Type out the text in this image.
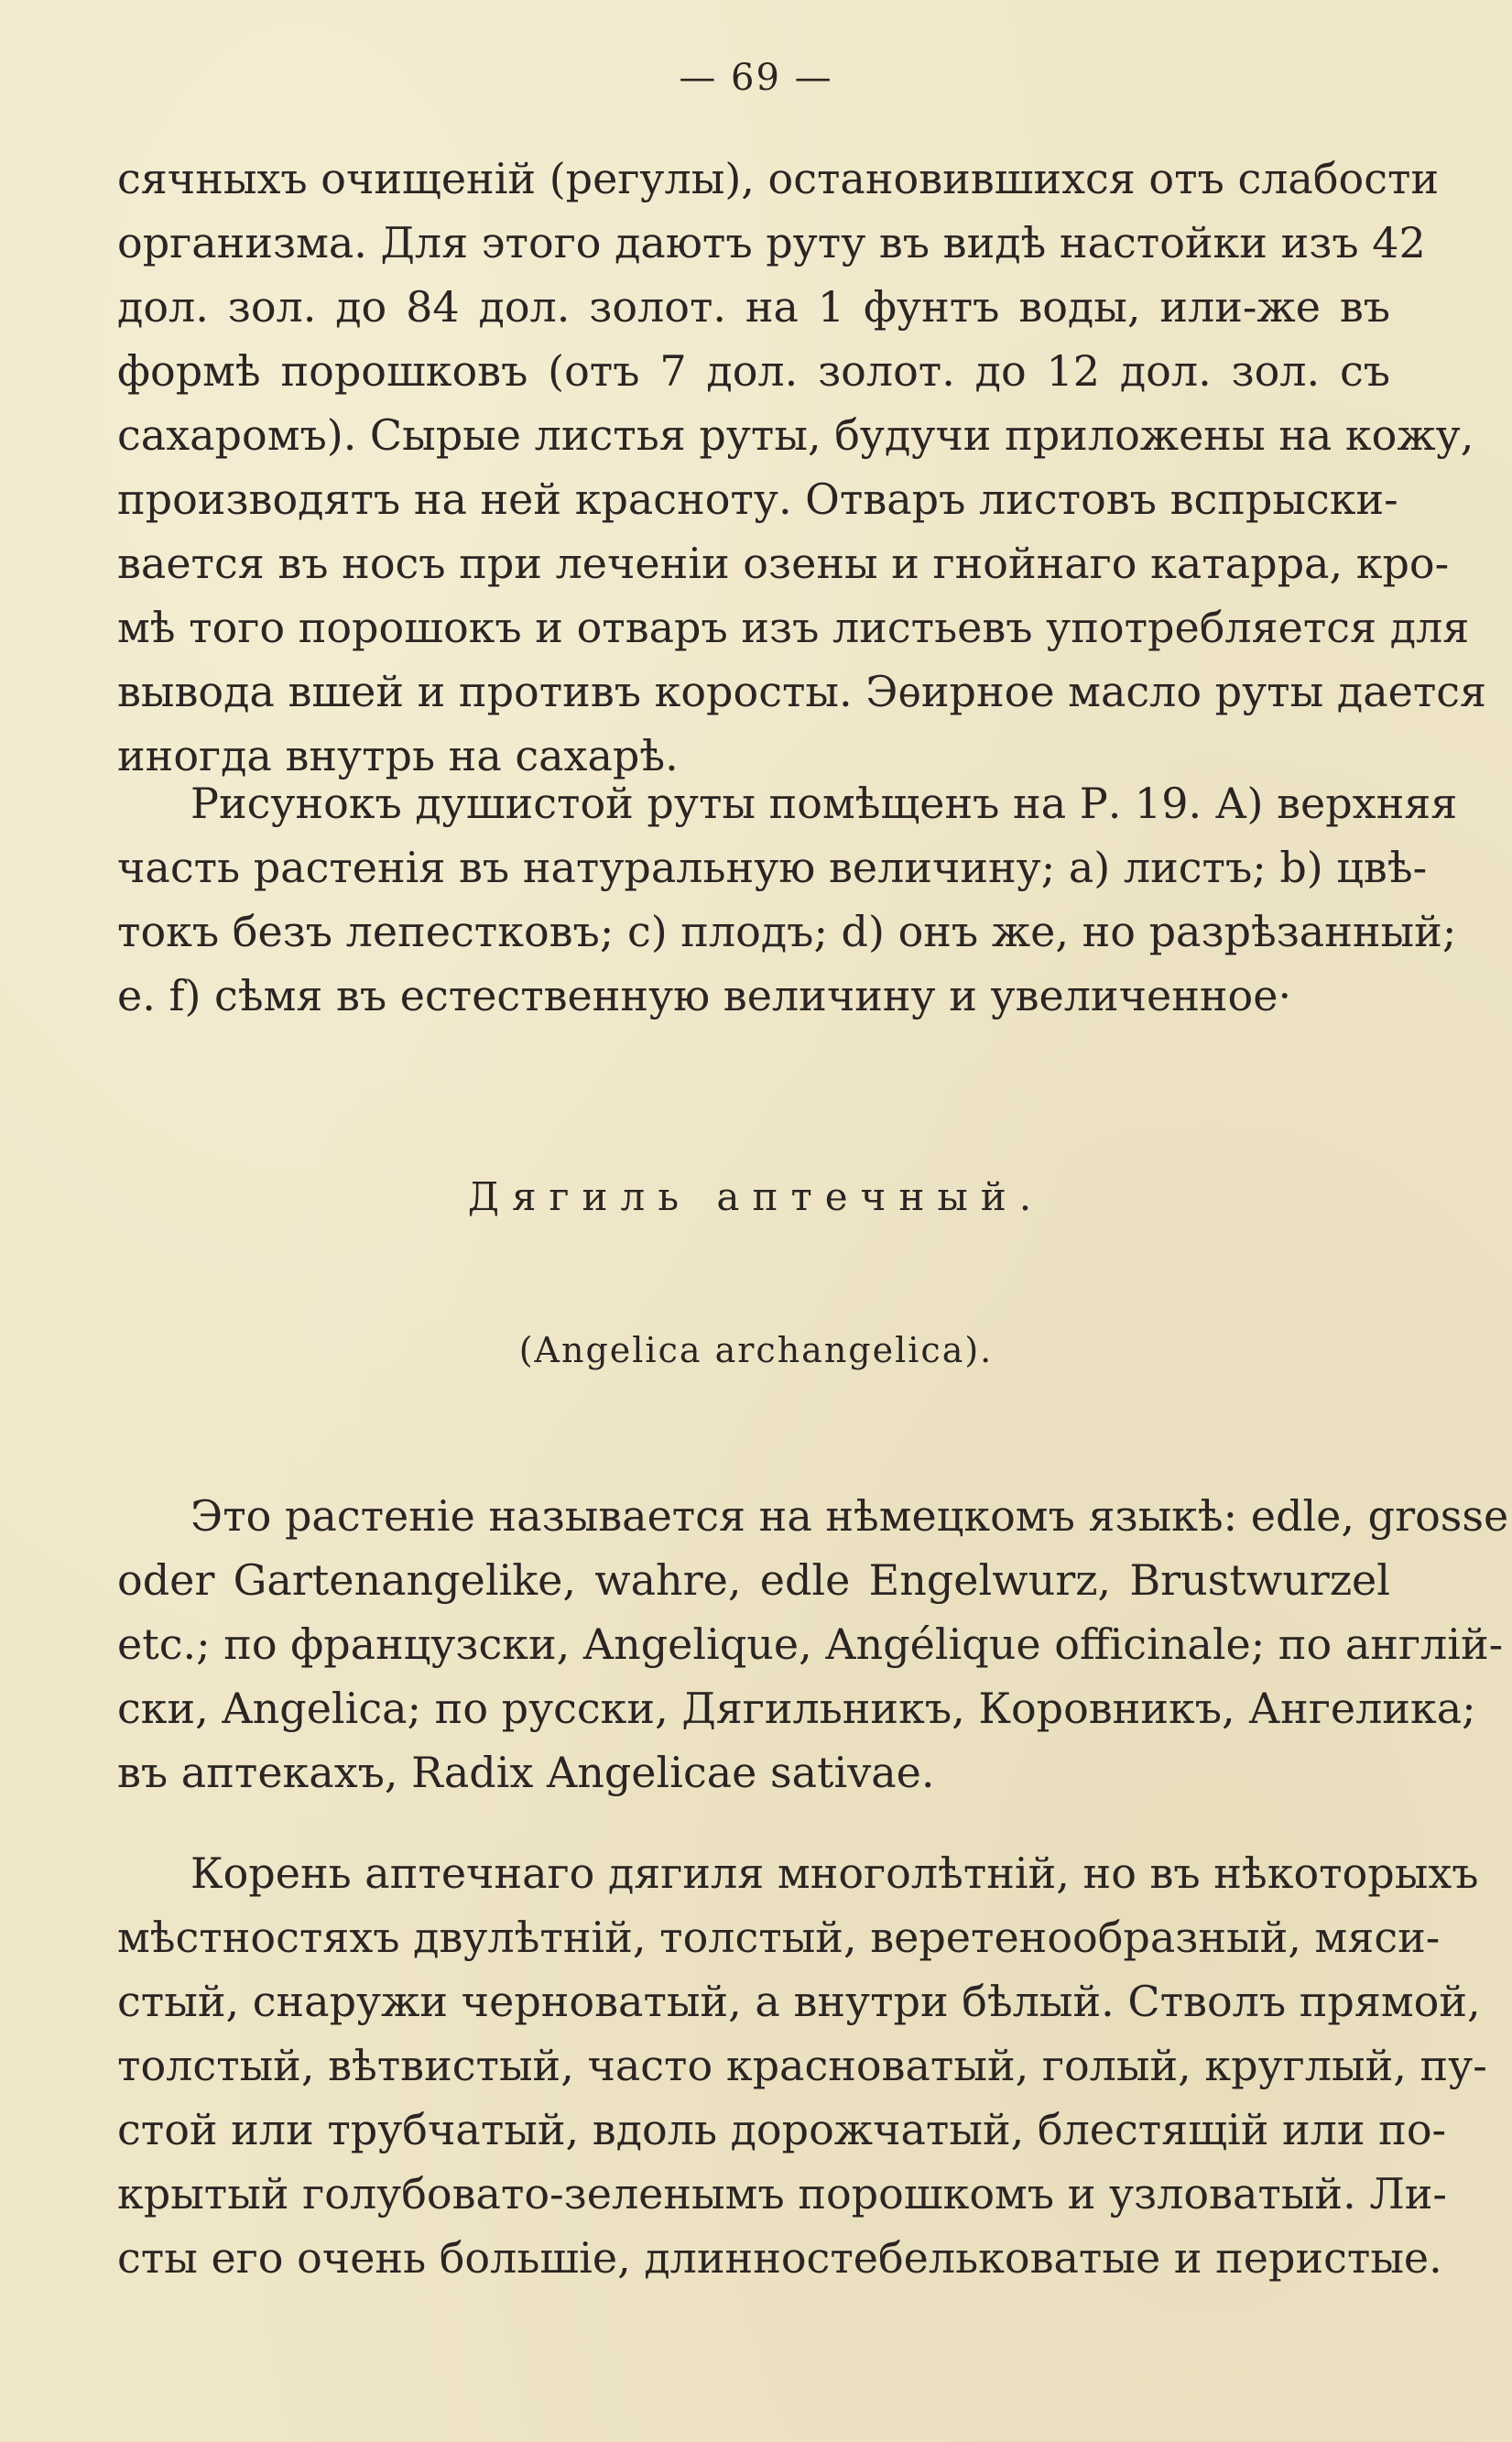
— 69 —
сячныхъ очищенiй (регулы), остановившихся отъ слабости
организма. Для этого даютъ руту въ видѣ настойки изъ 42
дол. зол. до 84 дол. золот. на 1 фунтъ воды, или-же въ
формѣ порошковъ (отъ 7 дол. золот. до 12 дол. зол. съ
сахаромъ). Сырые листья руты, будучи приложены на кожу,
производятъ на ней красноту. Отваръ листовъ вспрыски-
вается въ носъ при леченiи озены и гнойнаго катарра, кро-
мѣ того порошокъ и отваръ изъ листьевъ употребляется для
вывода вшей и противъ коросты. Эѳирное масло руты дается
иногда внутрь на сахарѣ.
Рисунокъ душистой руты помѣщенъ на Р. 19. А) верхняя
часть растенiя въ натуральную величину; а) листъ; b) цвѣ-
токъ безъ лепестковъ; с) плодъ; d) онъ же, но разрѣзанный;
е. f) сѣмя въ естественную величину и увеличенное·
Дягиль аптечный.
(Angelica archangelica).
Это растенiе называется на нѣмецкомъ языкѣ: edle, grosse
oder Gartenangelike, wahre, edle Engelwurz, Brustwurzel
etc.; по французски, Angelique, Angélique officinale; по англiй-
ски, Angelica; по русски, Дягильникъ, Коровникъ, Ангелика;
въ аптекахъ, Radix Angelicae sativae.
Корень аптечнаго дягиля многолѣтнiй, но въ нѣкоторыхъ
мѣстностяхъ двулѣтнiй, толстый, веретенообразный, мяси-
стый, снаружи черноватый, а внутри бѣлый. Стволъ прямой,
толстый, вѣтвистый, часто красноватый, голый, круглый, пу-
стой или трубчатый, вдоль дорожчатый, блестящiй или по-
крытый голубовато-зеленымъ порошкомъ и узловатый. Ли-
сты его очень большiе, длинностебельковатые и перистые.
